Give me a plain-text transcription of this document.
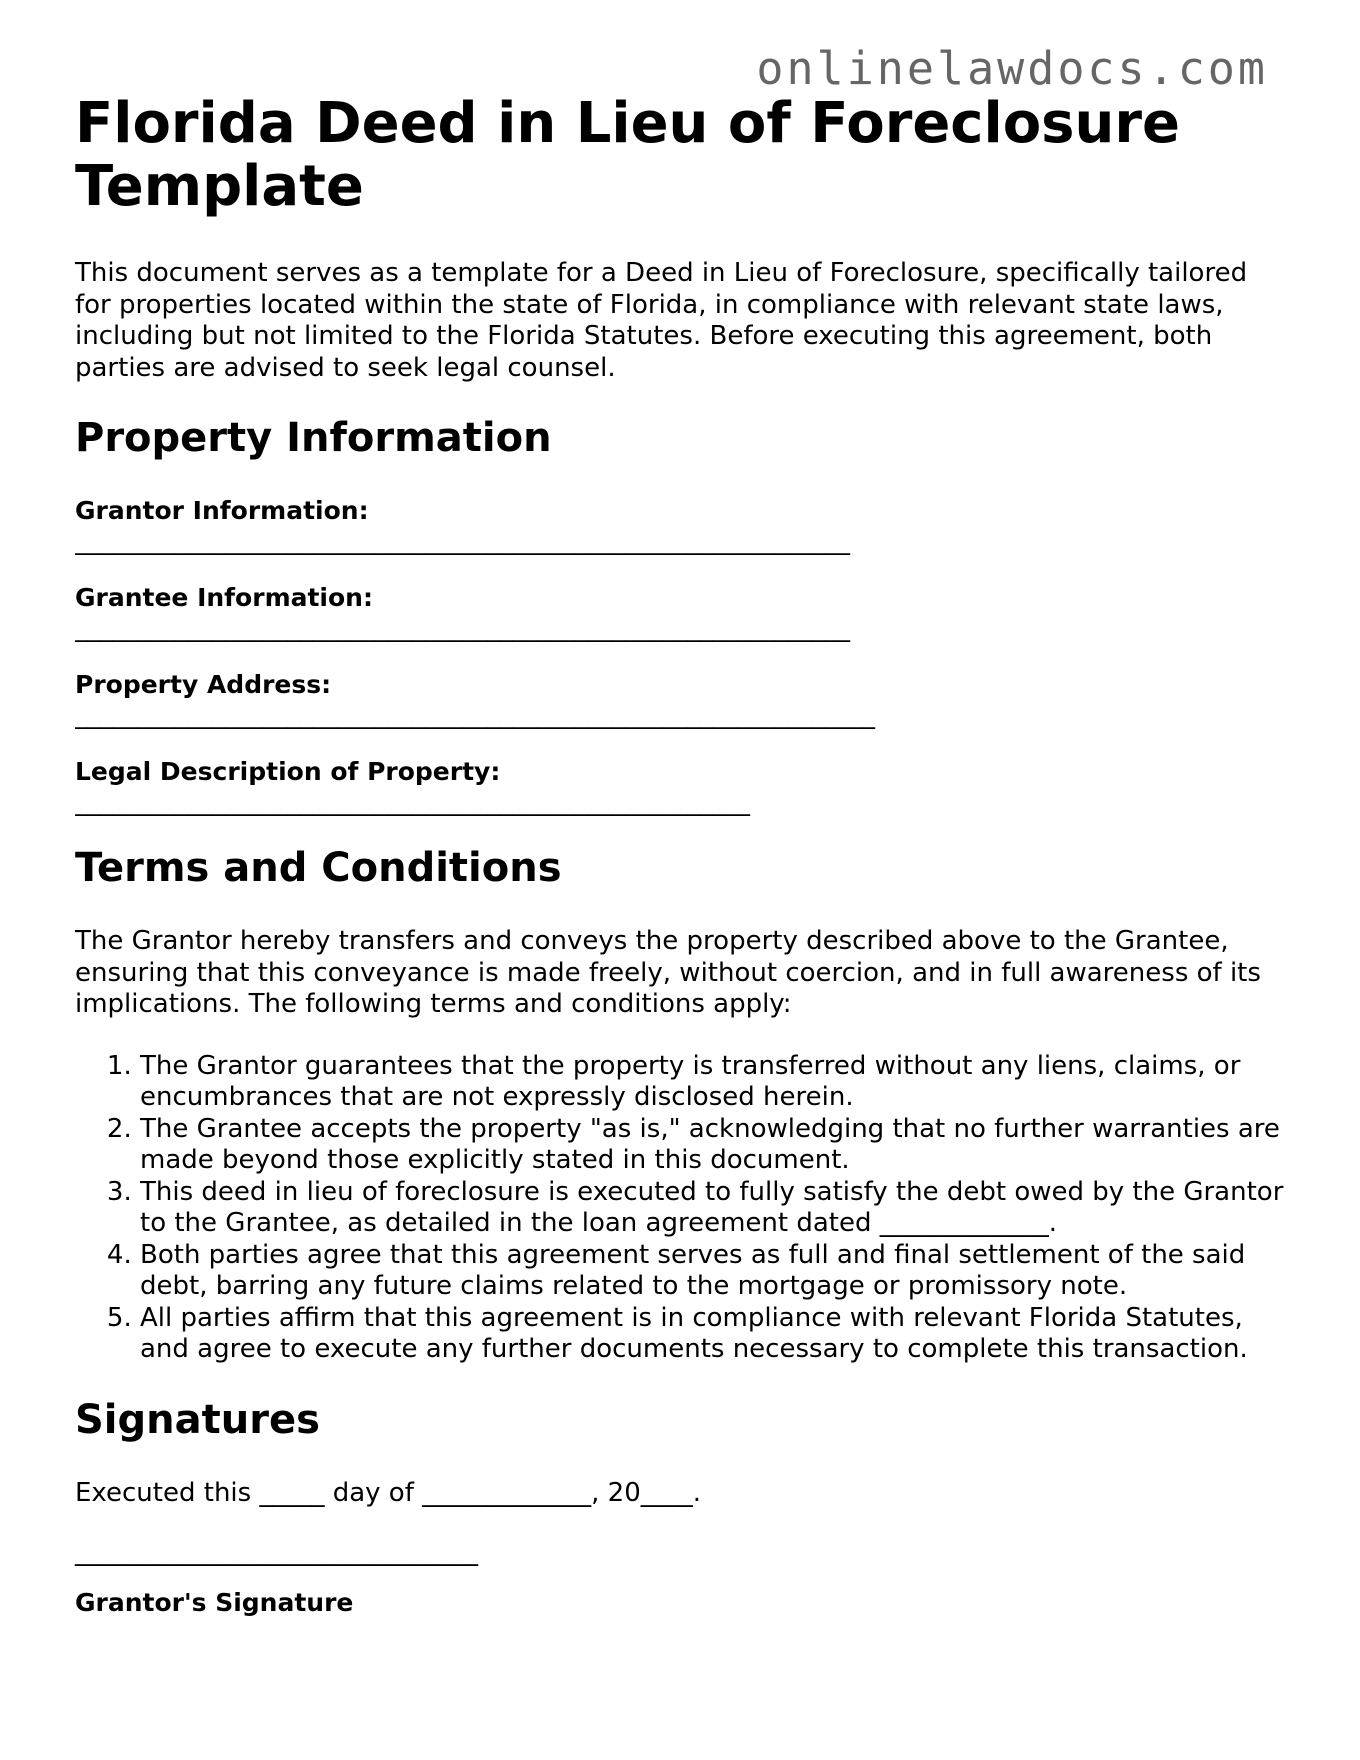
onlinelawdocs.com
Florida Deed in Lieu of Foreclosure Template

This document serves as a template for a Deed in Lieu of Foreclosure, specifically tailored for properties located within the state of Florida, in compliance with relevant state laws, including but not limited to the Florida Statutes. Before executing this agreement, both parties are advised to seek legal counsel.

Property Information
Grantor Information:
______________________________________________________________
Grantee Information:
______________________________________________________________
Property Address:
________________________________________________________________
Legal Description of Property:
______________________________________________________
Terms and Conditions

The Grantor hereby transfers and conveys the property described above to the Grantee, ensuring that this conveyance is made freely, without coercion, and in full awareness of its implications. The following terms and conditions apply:

1. The Grantor guarantees that the property is transferred without any liens, claims, or encumbrances that are not expressly disclosed herein.
2. The Grantee accepts the property "as is," acknowledging that no further warranties are made beyond those explicitly stated in this document.
3. This deed in lieu of foreclosure is executed to fully satisfy the debt owed by the Grantor to the Grantee, as detailed in the loan agreement dated _____________.
4. Both parties agree that this agreement serves as full and final settlement of the said debt, barring any future claims related to the mortgage or promissory note.
5. All parties affirm that this agreement is in compliance with relevant Florida Statutes, and agree to execute any further documents necessary to complete this transaction.
Signatures

Executed this _____ day of _____________, 20____.

_______________________________
Grantor's Signature
